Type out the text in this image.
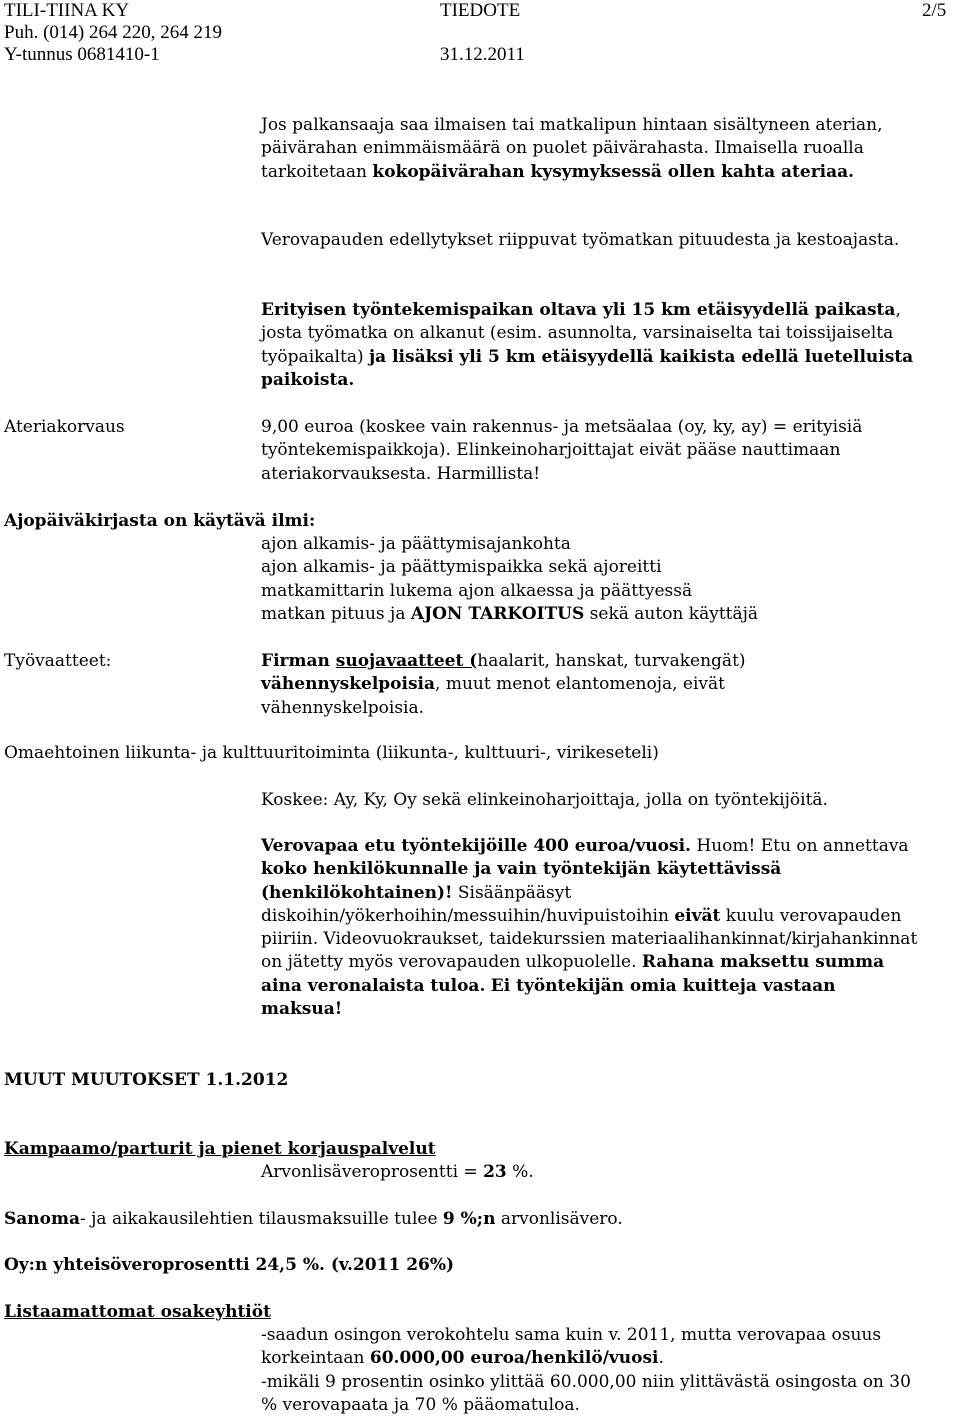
TILI-TIINA KY	TIEDOTE	2/5
Puh. (014) 264 220, 264 219
Y-tunnus 0681410-1	31.12.2011

Jos palkansaaja saa ilmaisen tai matkalipun hintaan sisältyneen aterian, päivärahan enimmäismäärä on puolet päivärahasta. Ilmaisella ruoalla tarkoitetaan kokopäivärahan kysymyksessä ollen kahta ateriaa.

Verovapauden edellytykset riippuvat työmatkan pituudesta ja kestoajasta.

Erityisen työntekemispaikan oltava yli 15 km etäisyydellä paikasta, josta työmatka on alkanut (esim. asunnolta, varsinaiselta tai toissijaiselta työpaikalta) ja lisäksi yli 5 km etäisyydellä kaikista edellä luetelluista paikoista.

Ateriakorvaus	9,00 euroa (koskee vain rakennus- ja metsäalaa (oy, ky, ay) = erityisiä työntekemispaikkoja). Elinkeinoharjoittajat eivät pääse nauttimaan ateriakorvauksesta. Harmillista!
Ajopäiväkirjasta on käytävä ilmi:

ajon alkamis- ja päättymisajankohta

ajon alkamis- ja päättymispaikka sekä ajoreitti

matkamittarin lukema ajon alkaessa ja päättyessä

matkan pituus ja AJON TARKOITUS sekä auton käyttäjä

Työvaatteet:	Firman suojavaatteet (haalarit, hanskat, turvakengät) vähennyskelpoisia, muut menot elantomenoja, eivät vähennyskelpoisia.

Omaehtoinen liikunta- ja kulttuuritoiminta (liikunta-, kulttuuri-, virikeseteli)
Koskee: Ay, Ky, Oy sekä elinkeinoharjoittaja, jolla on työntekijöitä.

Verovapaa etu työntekijöille 400 euroa/vuosi. Huom! Etu on annettava koko henkilökunnalle ja vain työntekijän käytettävissä (henkilökohtainen)! Sisäänpääsyt diskoihin/yökerhoihin/messuihin/huvipuistoihin eivät kuulu verovapauden piiriin. Videovuokraukset, taidekurssien materiaalihankinnat/kirjahankinnat on jätetty myös verovapauden ulkopuolelle. Rahana maksettu summa aina veronalaista tuloa. Ei työntekijän omia kuitteja vastaan maksua!

MUUT MUUTOKSET 1.1.2012
Kampaamo/parturit ja pienet korjauspalvelut
Arvonlisäveroprosentti = 23 %.
Sanoma- ja aikakausilehtien tilausmaksuille tulee 9 %;n arvonlisävero.
Oy:n yhteisöveroprosentti 24,5 %. (v.2011 26%)
Listaamattomat osakeyhtiöt

-saadun osingon verokohtelu sama kuin v. 2011, mutta verovapaa osuus korkeintaan 60.000,00 euroa/henkilö/vuosi.

-mikäli 9 prosentin osinko ylittää 60.000,00 niin ylittävästä osingosta on 30 % verovapaata ja 70 % pääomatuloa.
